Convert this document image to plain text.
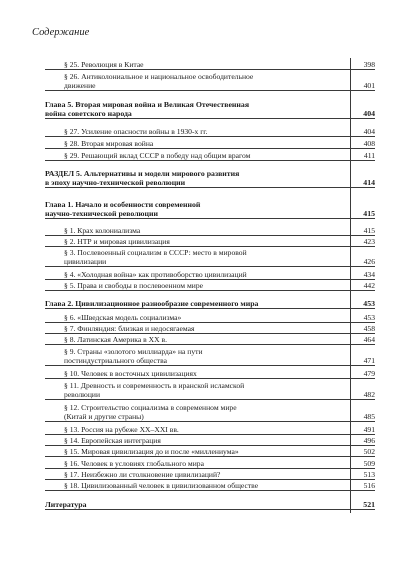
Содержание
§ 25. Революция в Китае	398
§ 26. Антиколониальное и национальное освободительное
движение	401
Глава 5. Вторая мировая война и Великая Отечественная
война советского народа	404
§ 27. Усиление опасности войны в 1930-х гг.	404
§ 28. Вторая мировая война	408
§ 29. Решающий вклад СССР в победу над общим врагом	411
РАЗДЕЛ 5. Альтернативы и модели мирового развития
в эпоху научно-технической революции	414
Глава 1. Начало и особенности современной
научно-технической революции	415
§ 1. Крах колониализма	415
§ 2. НТР и мировая цивилизация	423
§ 3. Послевоенный социализм в СССР: место в мировой
цивилизации	426
§ 4. «Холодная война» как противоборство цивилизаций	434
§ 5. Права и свободы в послевоенном мире	442
Глава 2. Цивилизационное разнообразие современного мира	453
§ 6. «Шведская модель социализма»	453
§ 7. Финляндия: близкая и недосягаемая	458
§ 8. Латинская Америка в XX в.	464
§ 9. Страны «золотого миллиарда» на пути
постиндустриального общества	471
§ 10. Человек в восточных цивилизациях	479
§ 11. Древность и современность в иранской исламской
революции	482
§ 12. Строительство социализма в современном мире
(Китай и другие страны)	485
§ 13. Россия на рубеже XX–XXI вв.	491
§ 14. Европейская интеграция	496
§ 15. Мировая цивилизация до и после «миллениума»	502
§ 16. Человек в условиях глобального мира	509
§ 17. Неизбежно ли столкновение цивилизаций?	513
§ 18. Цивилизованный человек в цивилизованном обществе	516
Литература	521
